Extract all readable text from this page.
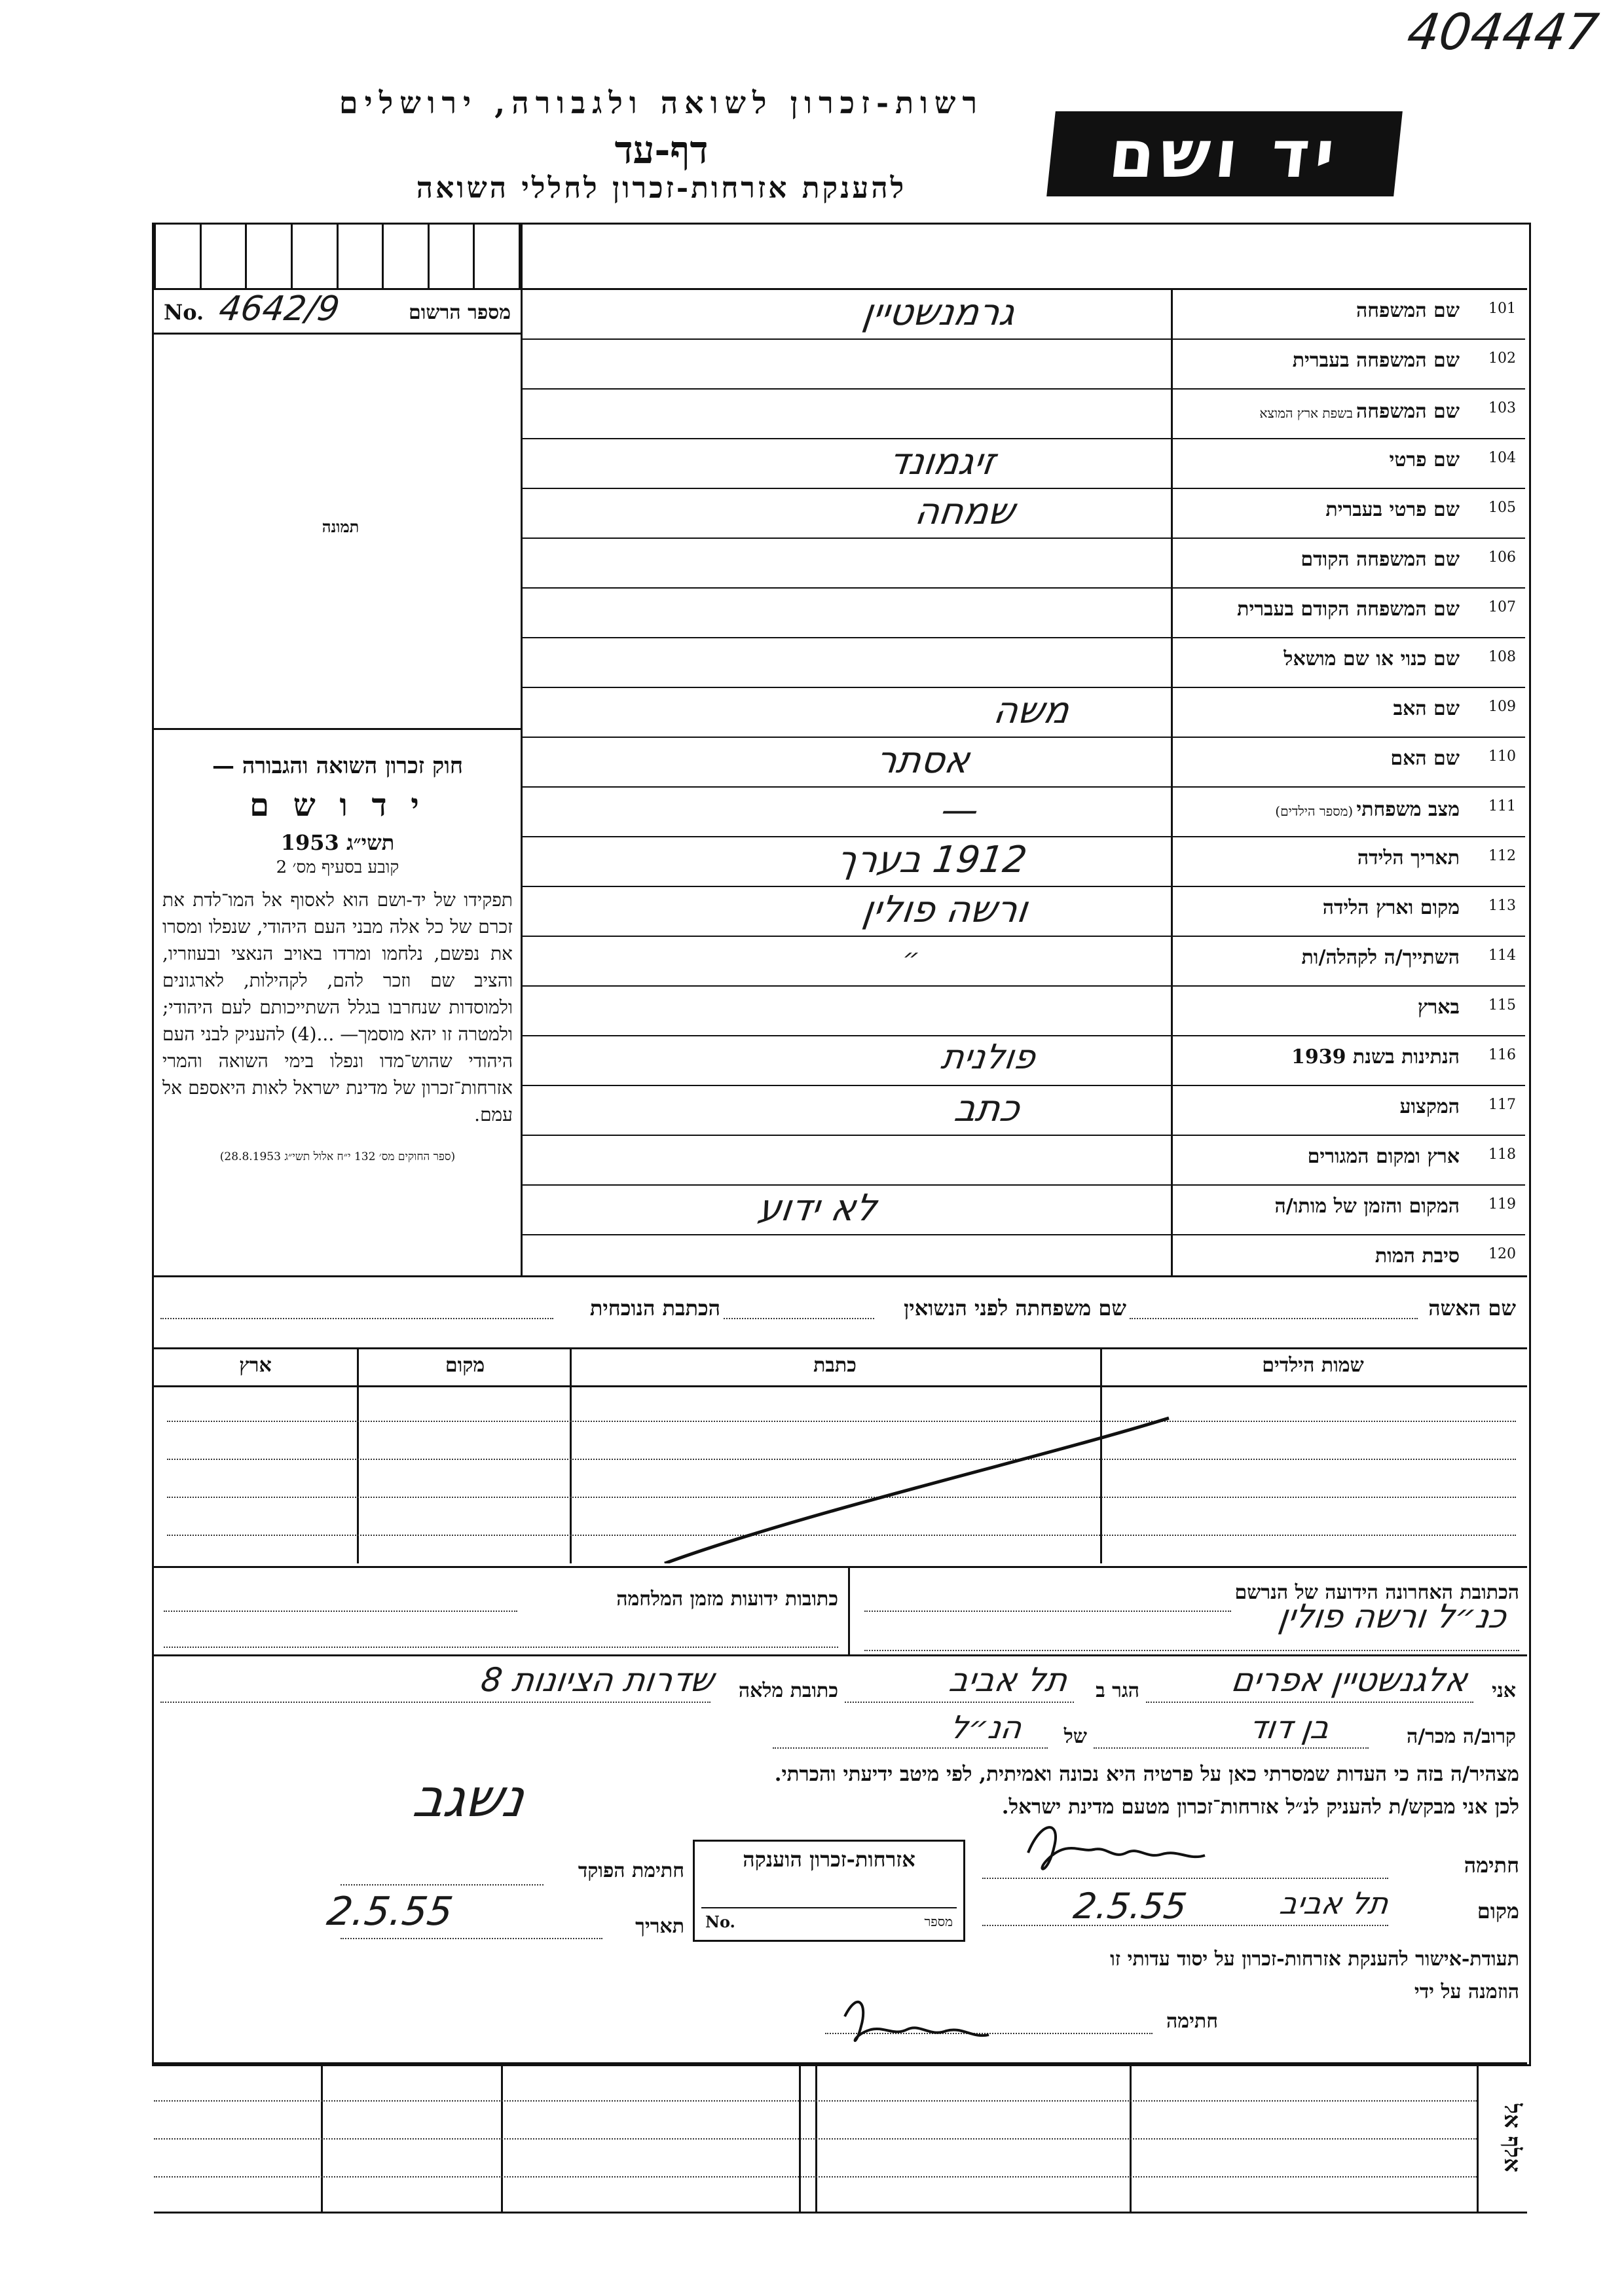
404447
יד ושם
רשות-זכרון לשואה ולגבורה, ירושלים
דף-עד
להענקת אזרחות-זכרון לחללי השואה
No. 4642/9	מספר הרשום
תמונה
חוק זכרון השואה והגבורה —
י ד ו ש ם
תשי״ג 1953
קובע בסעיף מס׳ 2
תפקידו של יד-ושם הוא לאסוף אל המו־לדת את זכרם של כל אלה מבני העם היהודי, שנפלו ומסרו את נפשם, נלחמו ומרדו באויב הנאצי ובעוזריו, והציב שם וזכר להם, לקהילות, לארגונים ולמוסדות שנחרבו בגלל השתייכותם לעם היהודי; ולמטרה זו יהא מוסמך— ...(4) להעניק לבני העם היהודי שהוש־מדו ונפלו בימי השואה והמרי אזרחות־זכרון של מדינת ישראל לאות היאספם אל עמם.
(ספר החוקים מס׳ 132 י״ח אלול תשי״ג 28.8.1953)
גרמנשטיין	שם המשפחה 101
שם המשפחה בעברית 102
שם המשפחה בשפת ארץ המוצא	103
זיגמונד	שם פרטי 104
שמחה	שם פרטי בעברית 105
שם המשפחה הקודם 106
שם המשפחה הקודם בעברית 107
שם כנוי או שם מושאל 108
משה	שם האב 109
אסתר	שם האם 110
—	מצב משפחתי (מספר הילדים)	111
1912 בערך	תאריך הלידה 112
ורשה פולין	מקום וארץ הלידה 113
״	השתייך/ה לקהלה/ות 114
בארץ 115
פולנית	הנתינות בשנת 1939 116
כתב	המקצוע 117
ארץ ומקום המגורים 118
לא ידוע	המקום והזמן של מותו/ה 119
סיבת המות 120
שם האשה
שם משפחתה לפני הנשואין
הכתבת הנוכחית
שמות הילדים
כתבת
מקום
ארץ
הכתובת האחרונה הידועה של הנרשם
כנ״ל ורשה פולין
כתובות ידועות מזמן המלחמה
אני
אלגנשטיין אפרים
הגר ב
תל אביב
כתובת מלאה
שדרות הציונות 8
קרוב/ה מכר/ה
בן דוד
של
הנ״ל
מצהיר/ה בזה כי העדות שמסרתי כאן על פרטיה היא נכונה ואמיתית, לפי מיטב ידיעתי והכרתי.
לכן אני מבקש/ת להעניק לנ״ל אזרחות־זכרון מטעם מדינת ישראל.
חתימה
מקום
תל אביב
2.5.55
אזרחות-זכרון הוענקה
No.	מספר
חתימת הפוקד
נשגב
תאריך
2.5.55
תעודת-אישור להענקת אזרחות-זכרון על יסוד עדותי זו
הוזמנה על ידי
חתימה
אלף אל
